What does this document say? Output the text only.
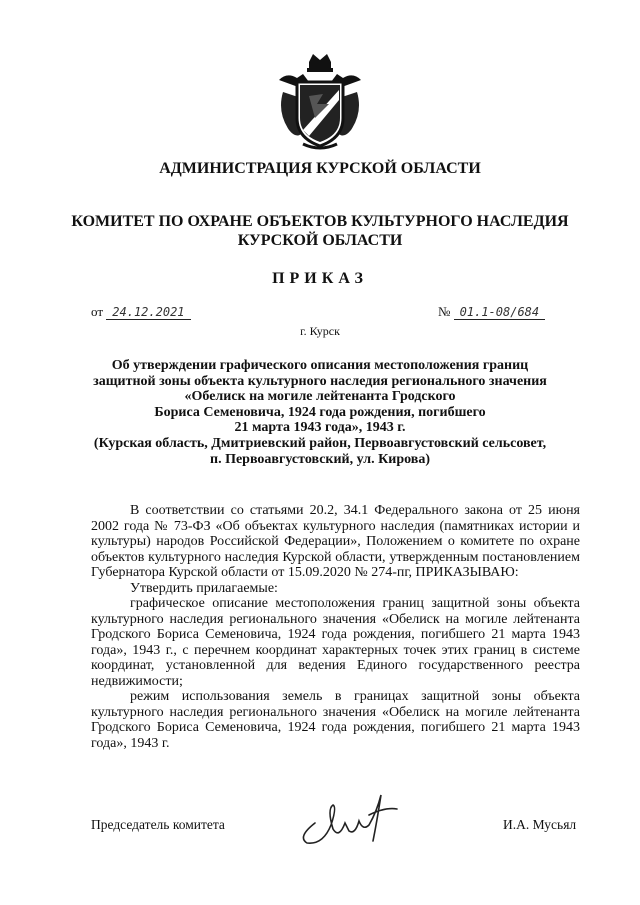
АДМИНИСТРАЦИЯ КУРСКОЙ ОБЛАСТИ
КОМИТЕТ ПО ОХРАНЕ ОБЪЕКТОВ КУЛЬТУРНОГО НАСЛЕДИЯ
КУРСКОЙ ОБЛАСТИ
ПРИКАЗ
от 24.12.2021	№ 01.1-08/684
г. Курск
Об утверждении графического описания местоположения границ
защитной зоны объекта культурного наследия регионального значения
«Обелиск на могиле лейтенанта Гродского
Бориса Семеновича, 1924 года рождения, погибшего
21 марта 1943 года», 1943 г.
(Курская область, Дмитриевский район, Первоавгустовский сельсовет,
п. Первоавгустовский, ул. Кирова)

В соответствии со статьями 20.2, 34.1 Федерального закона от 25 июня 2002 года № 73-ФЗ «Об объектах культурного наследия (памятниках истории и культуры) народов Российской Федерации», Положением о комитете по охране объектов культурного наследия Курской области, утвержденным постановлением Губернатора Курской области от 15.09.2020 № 274-пг, ПРИКАЗЫВАЮ:

Утвердить прилагаемые:

графическое описание местоположения границ защитной зоны объекта культурного наследия регионального значения «Обелиск на могиле лейтенанта Гродского Бориса Семеновича, 1924 года рождения, погибшего 21 марта 1943 года», 1943 г., с перечнем координат характерных точек этих границ в системе координат, установленной для ведения Единого государственного реестра недвижимости;

режим использования земель в границах защитной зоны объекта культурного наследия регионального значения «Обелиск на могиле лейтенанта Гродского Бориса Семеновича, 1924 года рождения, погибшего 21 марта 1943 года», 1943 г.

Председатель комитета	И.А. Мусьял
